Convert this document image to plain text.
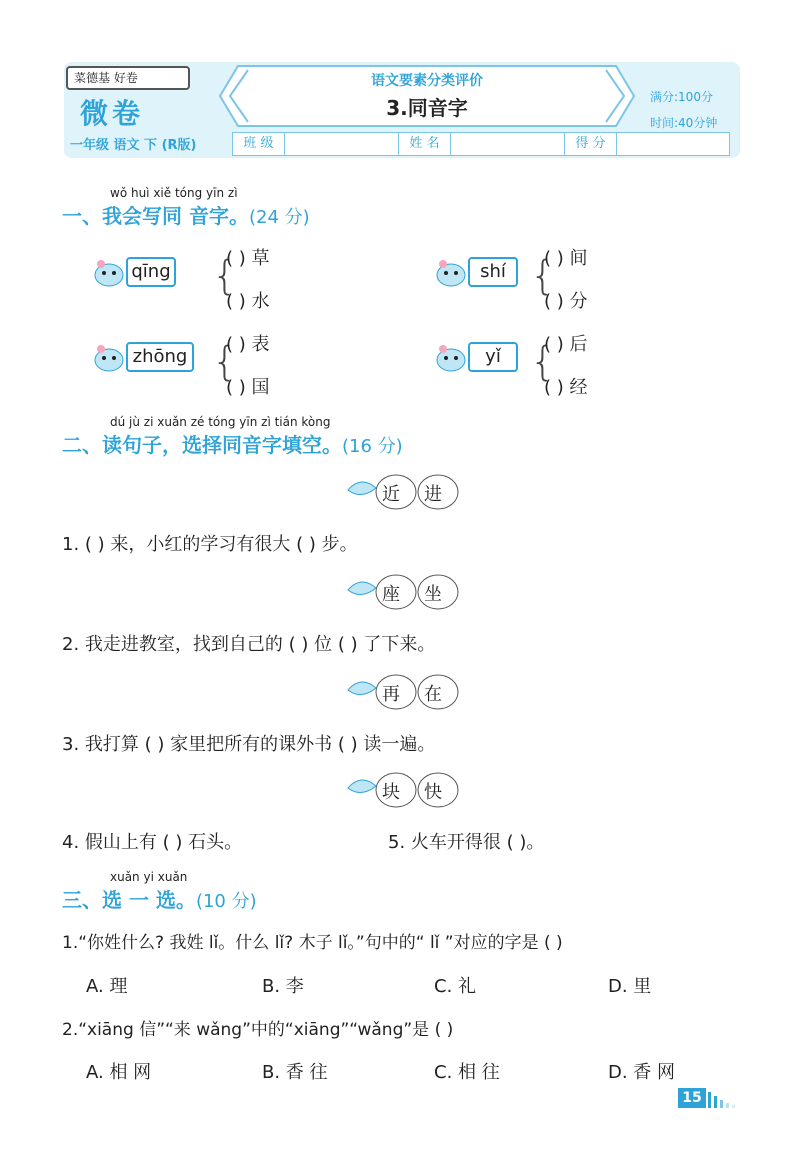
菜德基 好卷
微卷
一年级 语文 下 (R版)
语文要素分类评价
3.同音字	满分:100分
时间:40分钟
班 级	姓 名	得 分
wǒ huì xiě tóng yīn zì
一、我会写同 音字。(24 分)
qīng {
( ) 草
( ) 水
shí {
( ) 间
( ) 分
zhōng {
( ) 表
( ) 国
yǐ {
( ) 后
( ) 经
dú jù zi xuǎn zé tóng yīn zì tián kòng
二、读句子，选择同音字填空。(16 分)
近 进
1. ( ) 来，小红的学习有很大 ( ) 步。
座 坐
2. 我走进教室，找到自己的 ( ) 位 ( ) 了下来。
再 在
3. 我打算 ( ) 家里把所有的课外书 ( ) 读一遍。
块 快
4. 假山上有 ( ) 石头。	5. 火车开得很 ( )。
xuǎn yi xuǎn
三、选 一 选。(10 分)
1.“你姓什么? 我姓 lǐ。什么 lǐ? 木子 lǐ。”句中的“ lǐ ”对应的字是 ( )
A. 理	B. 李	C. 礼	D. 里
2.“xiāng 信”“来 wǎng”中的“xiāng”“wǎng”是 ( )
A. 相 网	B. 香 往	C. 相 往	D. 香 网
15
